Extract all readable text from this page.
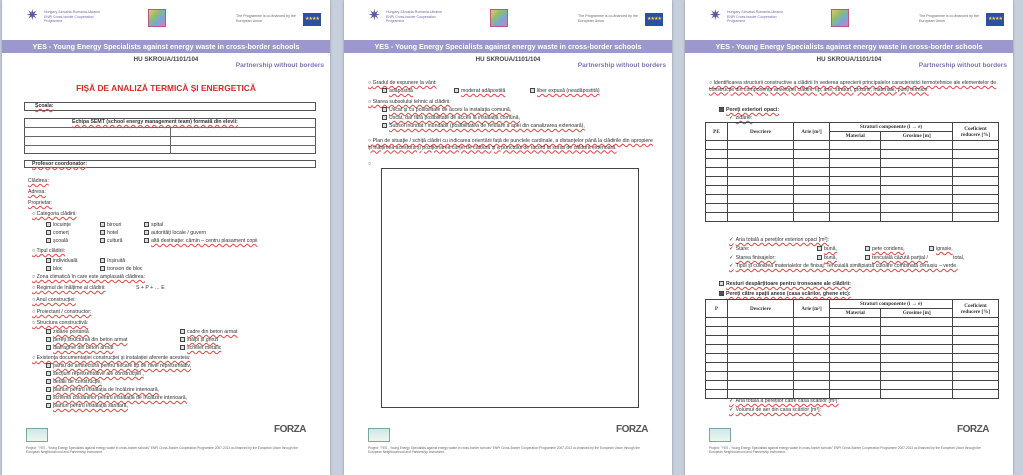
✷ Hungary-Slovakia-Romania-Ukraine ENPI Cross-border Cooperation Programme
The Programme is co-financed by the European Union	★★★★
YES - Young Energy Specialists against energy waste in cross-border schools
HU SKROUA/1101/104
Partnership without borders
FIȘĂ DE ANALIZĂ TERMICĂ ȘI ENERGETICĂ
Școala:
Echipa SEMT (school energy management team) formată din elevii:
Profesor coordonator:
Clădirea:
Adresa:
Proprietar:
○ Categoria clădirii:
locuințe	birouri	spital
comerț	hotel	autorități locale / guvern
școală	cultură	altă destinație: cămin – centru plasament copii
○ Tipul clădirii:
individuală	înșiruită
bloc	tronson de bloc
○ Zona climatică în care este amplasată clădirea:
○ Regimul de înălțime al clădirii:	S + P + … E
○ Anul construcției:
○ Proiectant / constructor:
○ Structura constructivă:
zidărie portantă	cadre din beton armat
pereți structurali din beton armat	stâlpi și grinzi
diafragme din beton armat	schelet metalic
○ Existența documentației construcției și instalației aferente acesteia:
partiu de arhitectură pentru fiecare tip de nivel reprezentativ,
secțiuni reprezentative ale construcției ,
detalii de construcție,
planuri pentru instalația de încălzire interioară,
schema coloanelor pentru instalația de încălzire interioară,
planuri pentru instalația sanitară,
FORZA
Project: "YES - Young Energy Specialists against energy waste in cross-border schools" ENPI Cross-Border Cooperation Programme 2007-2013 co-financed by the European Union through the European Neighbourhood and Partnership Instrument.
✷ Hungary-Slovakia-Romania-Ukraine ENPI Cross-border Cooperation Programme
The Programme is co-financed by the European Union	★★★★
YES - Young Energy Specialists against energy waste in cross-border schools
HU SKROUA/1101/104
Partnership without borders
○ Gradul de expunere la vânt:
adăpostită	moderat adăpostită	liber expusă (neadăpostită)
○ Starea subsolului tehnic al clădirii:
Uscat și cu posibilitate de acces la instalația comună,
Uscat, dar fără posibilitate de acces la instalația comună,
Subsol inundat / inundabil (posibilitatea de refulare a apei din canalizarea exterioară),
○ Plan de situație / schiță clădiri cu indicarea orientării față de punctele cardinale, a distanțelor până la clădirile din apropiere și înălțimea acestora și poziționarea curței de căldură și a punctului de racord la sursa de căldură exterioară.
○
FORZA
Project: "YES - Young Energy Specialists against energy waste in cross-border schools" ENPI Cross-Border Cooperation Programme 2007-2013 co-financed by the European Union through the European Neighbourhood and Partnership Instrument.
✷ Hungary-Slovakia-Romania-Ukraine ENPI Cross-border Cooperation Programme
The Programme is co-financed by the European Union	★★★★
YES - Young Energy Specialists against energy waste in cross-border schools
HU SKROUA/1101/104
Partnership without borders
○ Identificarea structurii constructive a clădirii în vederea aprecierii principalelor caracteristici termotehnice ale elementelor de construcție din componența anvelopei clădirii: tip, arie, straturi, grosimi, materiale, punți termice:
Pereți exteriori opaci:
✓ zidărie:
PE	Descriere	Arie [m²]	Straturi componente (i → e)		Coeficient reducere [%]
			Material	Grosime [m]	

✓ Aria totală a pereților exteriori opaci [m²]:
✓ Stare:	bună,	pete condens,	igrasie,
✓ Starea finisajelor:	bună,	tencuială căzută parțial /	total,
✓ Tipul și culoarea materialelor de finisaj: Tencuială similipiatră culoare combinată cenușiu – verde.
Resturi despărțitoare pentru tronsoane ale clădirii:
Pereți către spații anexe (casa scărilor, ghene etc):
P	Descriere	Arie [m²]	Straturi componente (i → e)		Coeficient reducere [%]
			Material	Grosime [m]	

✓ Aria totală a pereților către casa scărilor [m²]:
✓ Volumul de aer din casa scărilor [m³]:
FORZA
Project: "YES - Young Energy Specialists against energy waste in cross-border schools" ENPI Cross-Border Cooperation Programme 2007-2013 co-financed by the European Union through the European Neighbourhood and Partnership Instrument.
